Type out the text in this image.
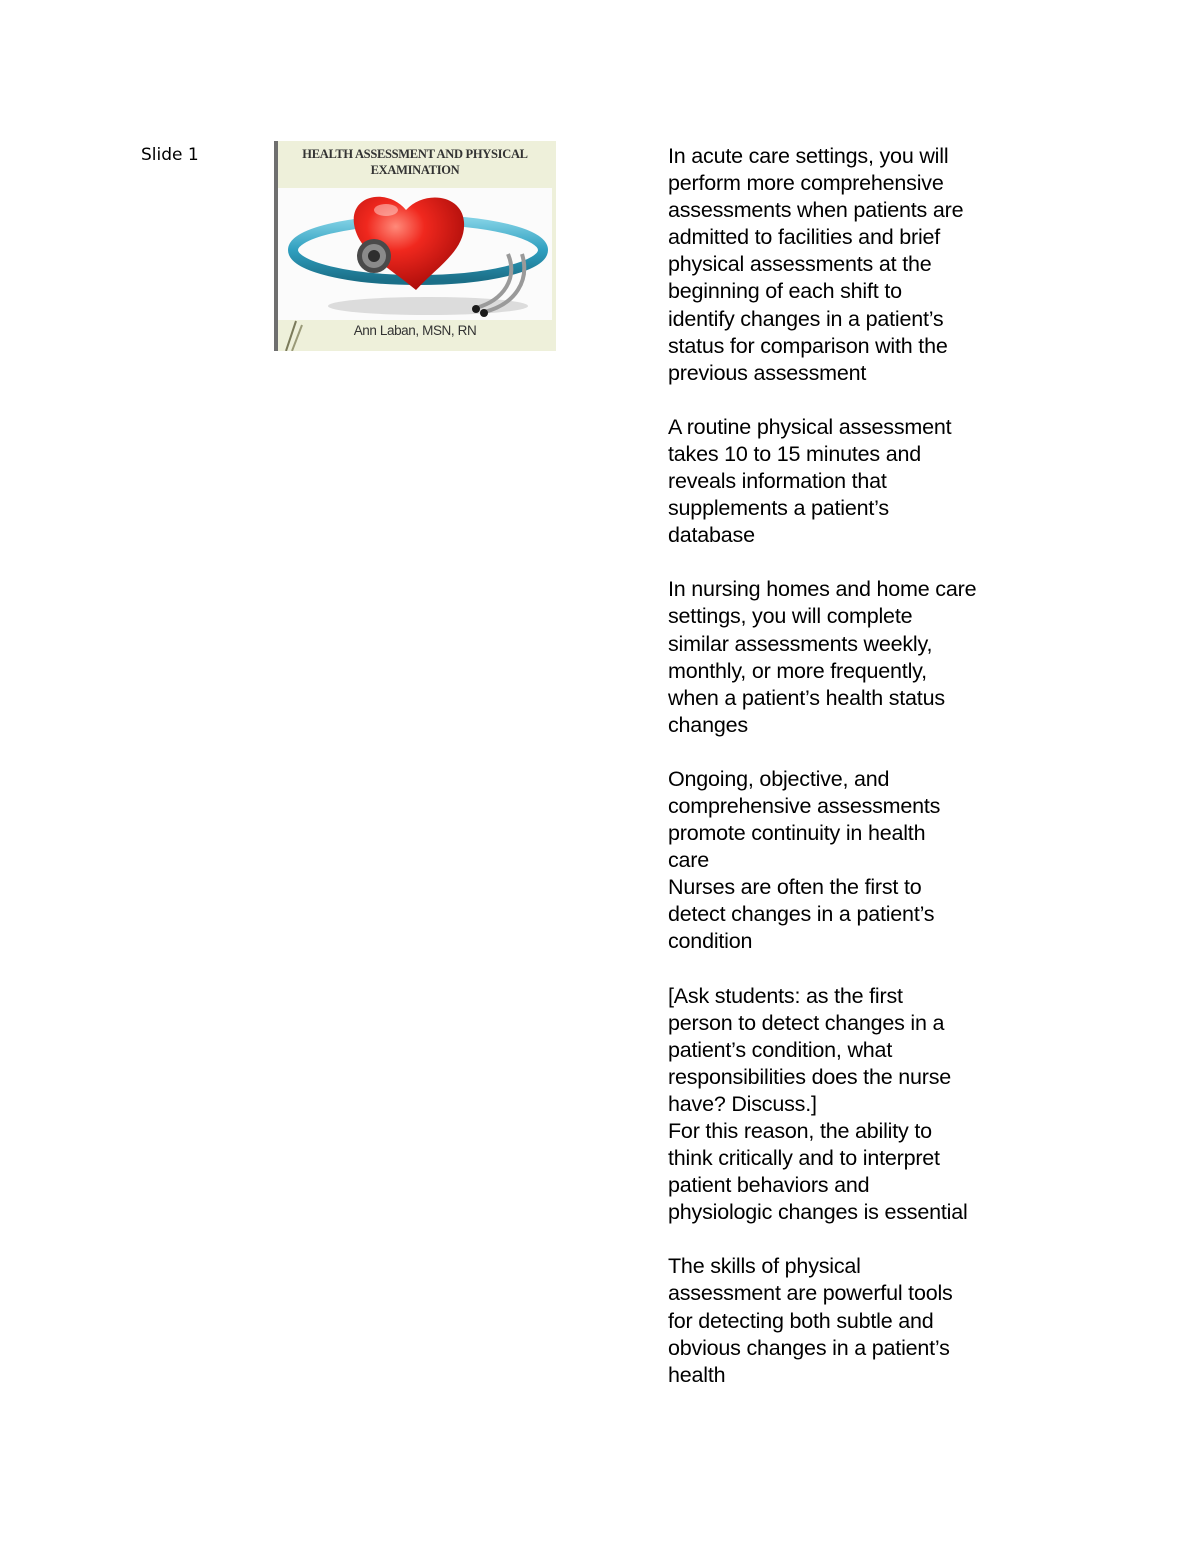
Slide 1	HEALTH ASSESSMENT AND PHYSICAL
EXAMINATION
Ann Laban, MSN, RN

In acute care settings, you will
perform more comprehensive
assessments when patients are
admitted to facilities and brief
physical assessments at the
beginning of each shift to
identify changes in a patient’s
status for comparison with the
previous assessment

A routine physical assessment
takes 10 to 15 minutes and
reveals information that
supplements a patient’s
database

In nursing homes and home care
settings, you will complete
similar assessments weekly,
monthly, or more frequently,
when a patient’s health status
changes

Ongoing, objective, and
comprehensive assessments
promote continuity in health
care

Nurses are often the first to
detect changes in a patient’s
condition

[Ask students: as the first
person to detect changes in a
patient’s condition, what
responsibilities does the nurse
have? Discuss.]

For this reason, the ability to
think critically and to interpret
patient behaviors and
physiologic changes is essential

The skills of physical
assessment are powerful tools
for detecting both subtle and
obvious changes in a patient’s
health
